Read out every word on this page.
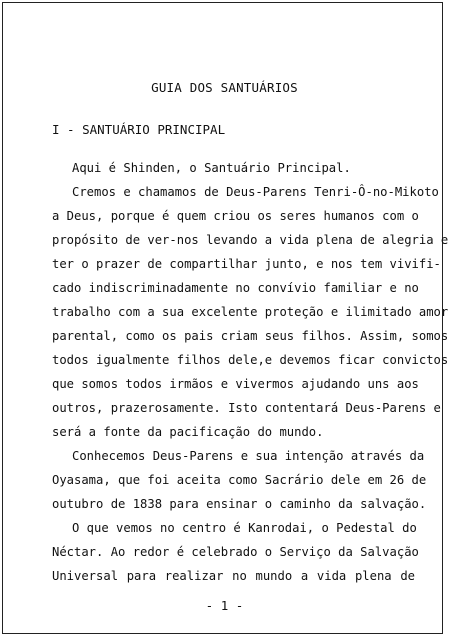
GUIA DOS SANTUÁRIOS
I - SANTUÁRIO PRINCIPAL
Aqui é Shinden, o Santuário Principal.
Cremos e chamamos de Deus-Parens Tenri-Ô-no-Mikoto
a Deus, porque é quem criou os seres humanos com o
propósito de ver-nos levando a vida plena de alegria e
ter o prazer de compartilhar junto, e nos tem vivifi-
cado indiscriminadamente no convívio familiar e no
trabalho com a sua excelente proteção e ilimitado amor
parental, como os pais criam seus filhos. Assim, somos
todos igualmente filhos dele,e devemos ficar convictos
que somos todos irmãos e vivermos ajudando uns aos
outros, prazerosamente. Isto contentará Deus-Parens e
será a fonte da pacificação do mundo.
Conhecemos Deus-Parens e sua intenção através da
Oyasama, que foi aceita como Sacrário dele em 26 de
outubro de 1838 para ensinar o caminho da salvação.
O que vemos no centro é Kanrodai, o Pedestal do
Néctar. Ao redor é celebrado o Serviço da Salvação
Universal para realizar no mundo a vida plena de
- 1 -
